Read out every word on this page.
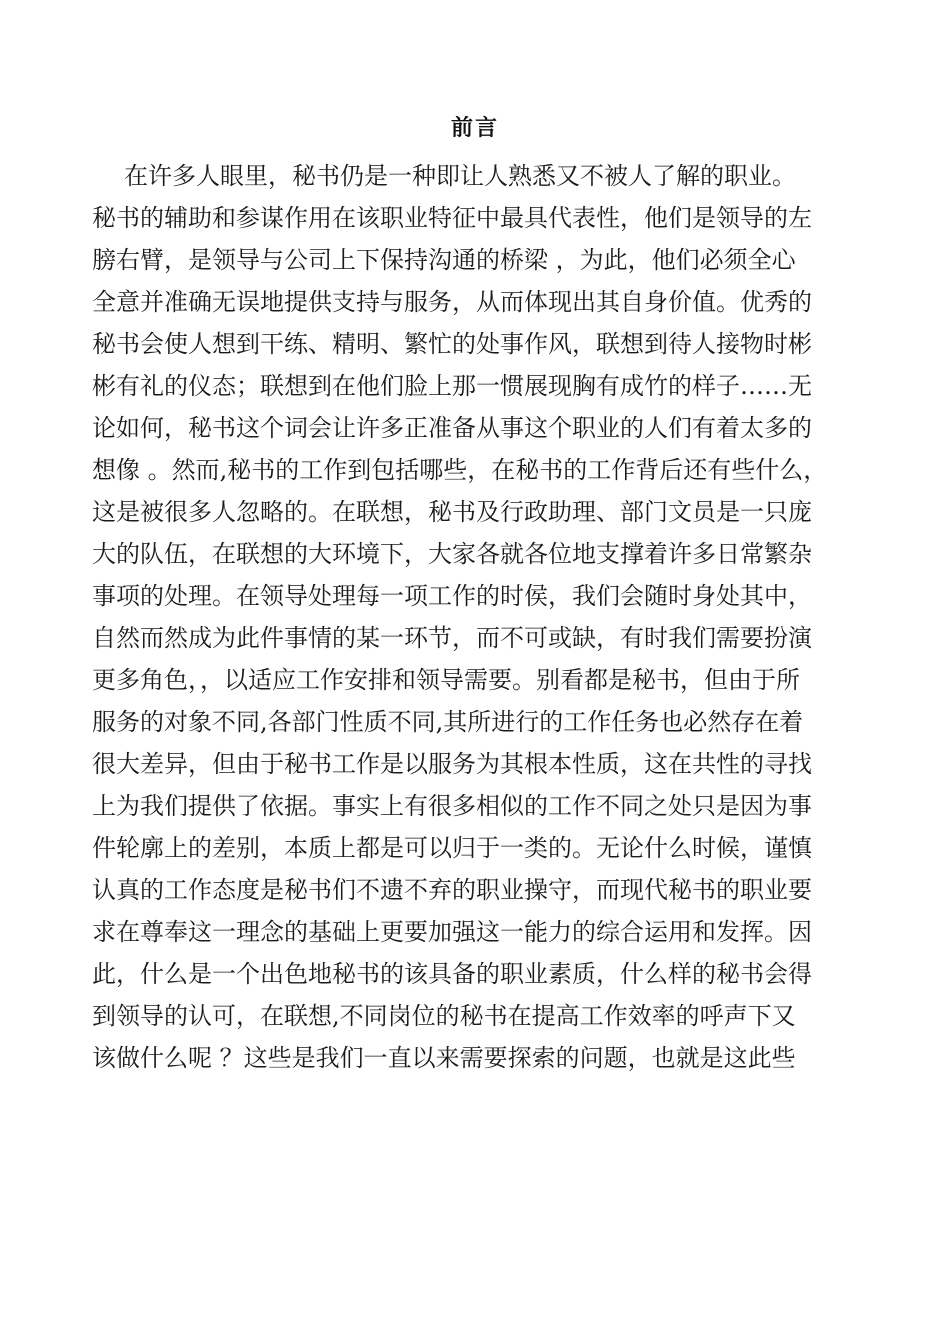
前言
在许多人眼里，秘书仍是一种即让人熟悉又不被人了解的职业。
秘书的辅助和参谋作用在该职业特征中最具代表性，他们是领导的左
膀右臂，是领导与公司上下保持沟通的桥梁 ，为此，他们必须全心
全意并准确无误地提供支持与服务，从而体现出其自身价值。优秀的
秘书会使人想到干练、精明、繁忙的处事作风，联想到待人接物时彬
彬有礼的仪态；联想到在他们脸上那一惯展现胸有成竹的样子……无
论如何，秘书这个词会让许多正准备从事这个职业的人们有着太多的
想像 。然而,秘书的工作到包括哪些，在秘书的工作背后还有些什么，
这是被很多人忽略的。在联想，秘书及行政助理、部门文员是一只庞
大的队伍，在联想的大环境下，大家各就各位地支撑着许多日常繁杂
事项的处理。在领导处理每一项工作的时侯，我们会随时身处其中，
自然而然成为此件事情的某一环节，而不可或缺，有时我们需要扮演
更多角色，，以适应工作安排和领导需要。别看都是秘书，但由于所
服务的对象不同,各部门性质不同,其所进行的工作任务也必然存在着
很大差异，但由于秘书工作是以服务为其根本性质，这在共性的寻找
上为我们提供了依据。事实上有很多相似的工作不同之处只是因为事
件轮廓上的差别，本质上都是可以归于一类的。无论什么时候，谨慎
认真的工作态度是秘书们不遗不弃的职业操守，而现代秘书的职业要
求在尊奉这一理念的基础上更要加强这一能力的综合运用和发挥。因
此，什么是一个出色地秘书的该具备的职业素质，什么样的秘书会得
到领导的认可，在联想,不同岗位的秘书在提高工作效率的呼声下又
该做什么呢 ？这些是我们一直以来需要探索的问题，也就是这此些
